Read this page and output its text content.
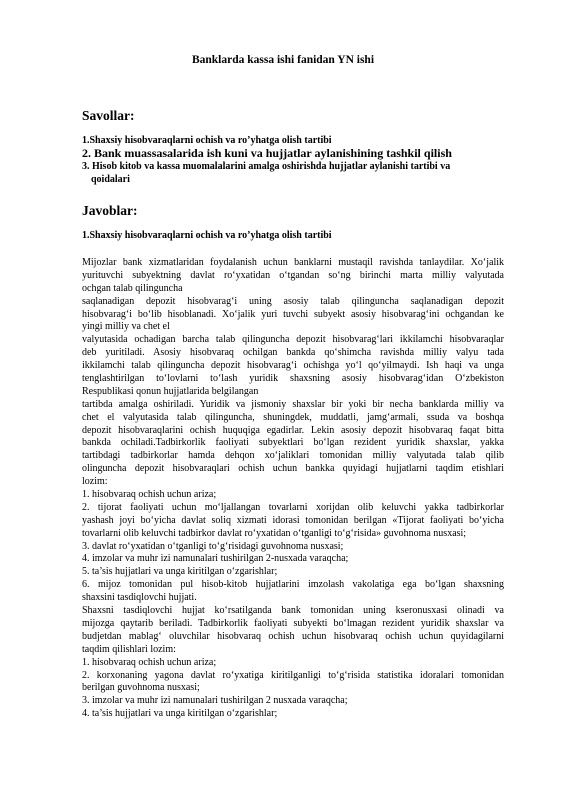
Banklarda kassa ishi fanidan YN ishi
Savollar:
1.Shaxsiy hisobvaraqlarni ochish va ro’yhatga olish tartibi
2. Bank muassasalarida ish kuni va hujjatlar aylanishining tashkil qilish
3. Hisob kitob va kassa muomalalarini amalga oshirishda hujjatlar aylanishi tartibi va
qoidalari
Javoblar:
1.Shaxsiy hisobvaraqlarni ochish va ro’yhatga olish tartibi
Mijozlar bank xizmatlaridan foydalanish uchun banklarni mustaqil ravishda tanlaydilar. Xo‘jalik
yurituvchi subyektning davlat ro‘yxatidan o‘tgandan so‘ng birinchi marta milliy valyutada
ochgan talab qilinguncha
saqlanadigan depozit hisobvarag‘i uning asosiy talab qilinguncha saqlanadigan depozit
hisobvarag‘i bo‘lib hisoblanadi. Xo‘jalik yuri tuvchi subyekt asosiy hisobvarag‘ini ochgandan ke
yingi milliy va chet el
valyutasida ochadigan barcha talab qilinguncha depozit hisobvarag‘lari ikkilamchi hisobvaraqlar
deb yuritiladi. Asosiy hisobvaraq ochilgan bankda qo‘shimcha ravishda milliy valyu tada
ikkilamchi talab qilinguncha depozit hisobvarag‘i ochishga yo‘l qo‘yilmaydi. Ish haqi va unga
tenglashtirilgan to‘lovlarni to‘lash yuridik shaxsning asosiy hisobvarag‘idan O‘zbekiston
Respublikasi qonun hujjatlarida belgilangan
tartibda amalga oshiriladi. Yuridik va jismoniy shaxslar bir yoki bir necha banklarda milliy va
chet el valyutasida talab qilinguncha, shuningdek, muddatli, jamg‘armali, ssuda va boshqa
depozit hisobvaraqlarini ochish huquqiga egadirlar. Lekin asosiy depozit hisobvaraq faqat bitta
bankda ochiladi.Tadbirkorlik faoliyati subyektlari bo‘lgan rezident yuridik shaxslar, yakka
tartibdagi tadbirkorlar hamda dehqon xo‘jaliklari tomonidan milliy valyutada talab qilib
olinguncha depozit hisobvaraqlari ochish uchun bankka quyidagi hujjatlarni taqdim etishlari
lozim:
1. hisobvaraq ochish uchun ariza;
2. tijorat faoliyati uchun mo‘ljallangan tovarlarni xorijdan olib keluvchi yakka tadbirkorlar
yashash joyi bo‘yicha davlat soliq xizmati idorasi tomonidan berilgan «Tijorat faoliyati bo‘yicha
tovarlarni olib keluvchi tadbirkor davlat ro‘yxatidan o‘tganligi to‘g‘risida» guvohnoma nusxasi;
3. davlat ro‘yxatidan o‘tganligi to‘g‘risidagi guvohnoma nusxasi;
4. imzolar va muhr izi namunalari tushirilgan 2-nusxada varaqcha;
5. ta’sis hujjatlari va unga kiritilgan o‘zgarishlar;
6. mijoz tomonidan pul hisob-kitob hujjatlarini imzolash vakolatiga ega bo‘lgan shaxsning
shaxsini tasdiqlovchi hujjati.
Shaxsni tasdiqlovchi hujjat ko‘rsatilganda bank tomonidan uning kseronusxasi olinadi va
mijozga qaytarib beriladi. Tadbirkorlik faoliyati subyekti bo‘lmagan rezident yuridik shaxslar va
budjetdan mablag‘ oluvchilar hisobvaraq ochish uchun hisobvaraq ochish uchun quyidagilarni
taqdim qilishlari lozim:
1. hisobvaraq ochish uchun ariza;
2. korxonaning yagona davlat ro‘yxatiga kiritilganligi to‘g‘risida statistika idoralari tomonidan
berilgan guvohnoma nusxasi;
3. imzolar va muhr izi namunalari tushirilgan 2 nusxada varaqcha;
4. ta’sis hujjatlari va unga kiritilgan o‘zgarishlar;
